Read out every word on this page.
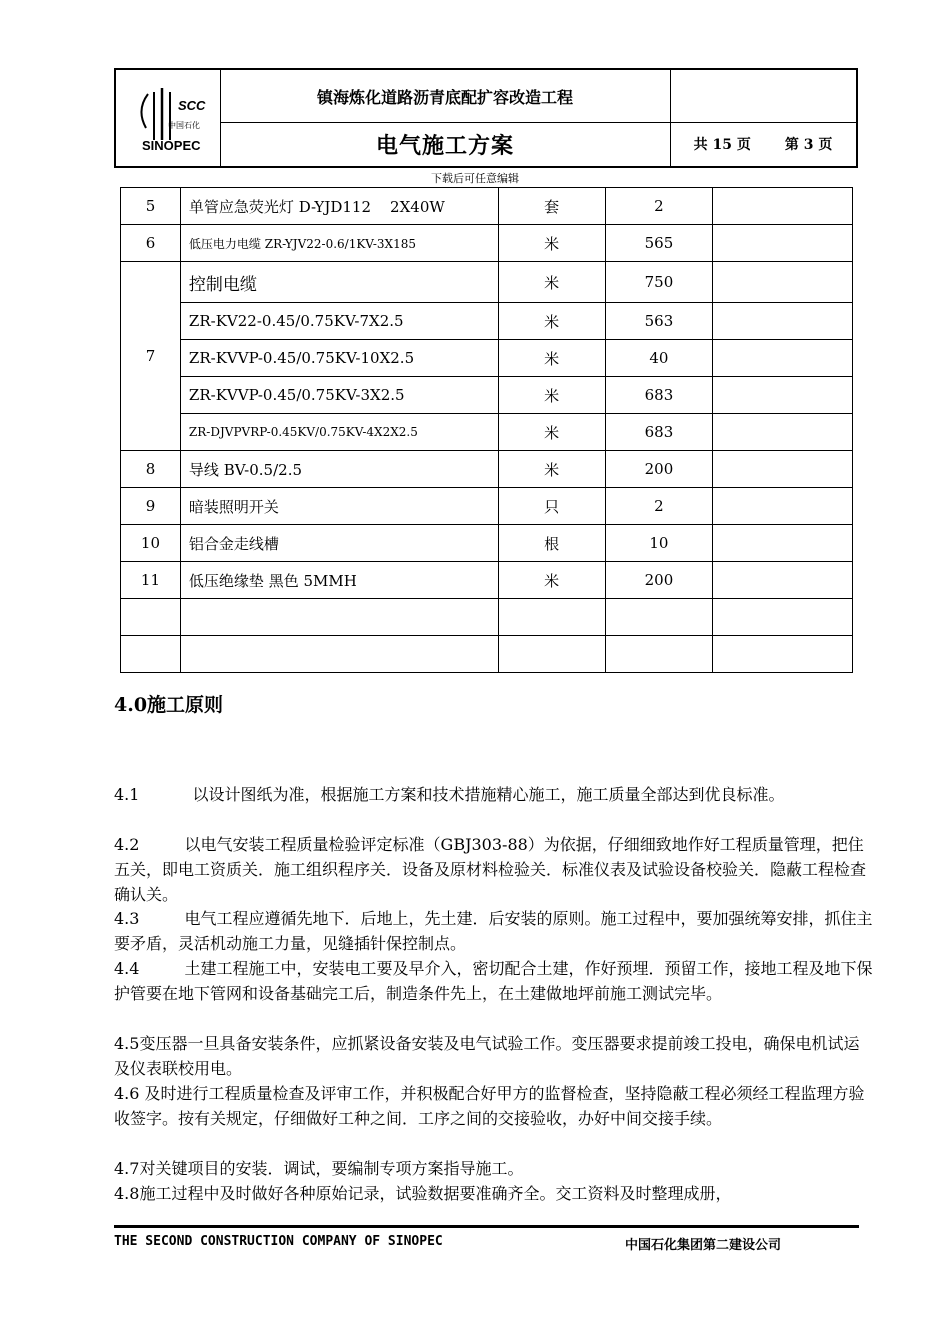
SCC
中国石化
SINOPEC
镇海炼化道路沥青底配扩容改造工程
电气施工方案	共 15 页 第 3 页
下载后可任意编辑
5	单管应急荧光灯 D-YJD112    2X40W	套	2	
6	低压电力电缆 ZR-YJV22-0.6/1KV-3X185	米	565	
7	控制电缆	米	750	
	ZR-KV22-0.45/0.75KV-7X2.5	米	563	
	ZR-KVVP-0.45/0.75KV-10X2.5	米	40	
	ZR-KVVP-0.45/0.75KV-3X2.5	米	683	
	ZR-DJVPVRP-0.45KV/0.75KV-4X2X2.5	米	683	
8	导线 BV-0.5/2.5	米	200	
9	暗装照明开关	只	2	
10	铝合金走线槽	根	10	
11	低压绝缘垫 黑色 5MMH	米	200	

4.0施工原则
4.1	以设计图纸为准，根据施工方案和技术措施精心施工，施工质量全部达到优良标准。
4.2	以电气安装工程质量检验评定标准（GBJ303-88）为依据，仔细细致地作好工程质量管理，把住五关，即电工资质关．施工组织程序关．设备及原材料检验关．标准仪表及试验设备校验关．隐蔽工程检查确认关。
4.3	电气工程应遵循先地下．后地上，先土建．后安装的原则。施工过程中，要加强统筹安排，抓住主要矛盾，灵活机动施工力量，见缝插针保控制点。
4.4	土建工程施工中，安装电工要及早介入，密切配合土建，作好预埋．预留工作，接地工程及地下保护管要在地下管网和设备基础完工后，制造条件先上，在土建做地坪前施工测试完毕。
4.5变压器一旦具备安装条件，应抓紧设备安装及电气试验工作。变压器要求提前竣工投电，确保电机试运及仪表联校用电。
4.6 及时进行工程质量检查及评审工作，并积极配合好甲方的监督检查，坚持隐蔽工程必须经工程监理方验收签字。按有关规定，仔细做好工种之间．工序之间的交接验收，办好中间交接手续。
4.7对关键项目的安装．调试，要编制专项方案指导施工。
4.8施工过程中及时做好各种原始记录，试验数据要准确齐全。交工资料及时整理成册，
THE SECOND CONSTRUCTION COMPANY OF SINOPEC	中国石化集团第二建设公司
